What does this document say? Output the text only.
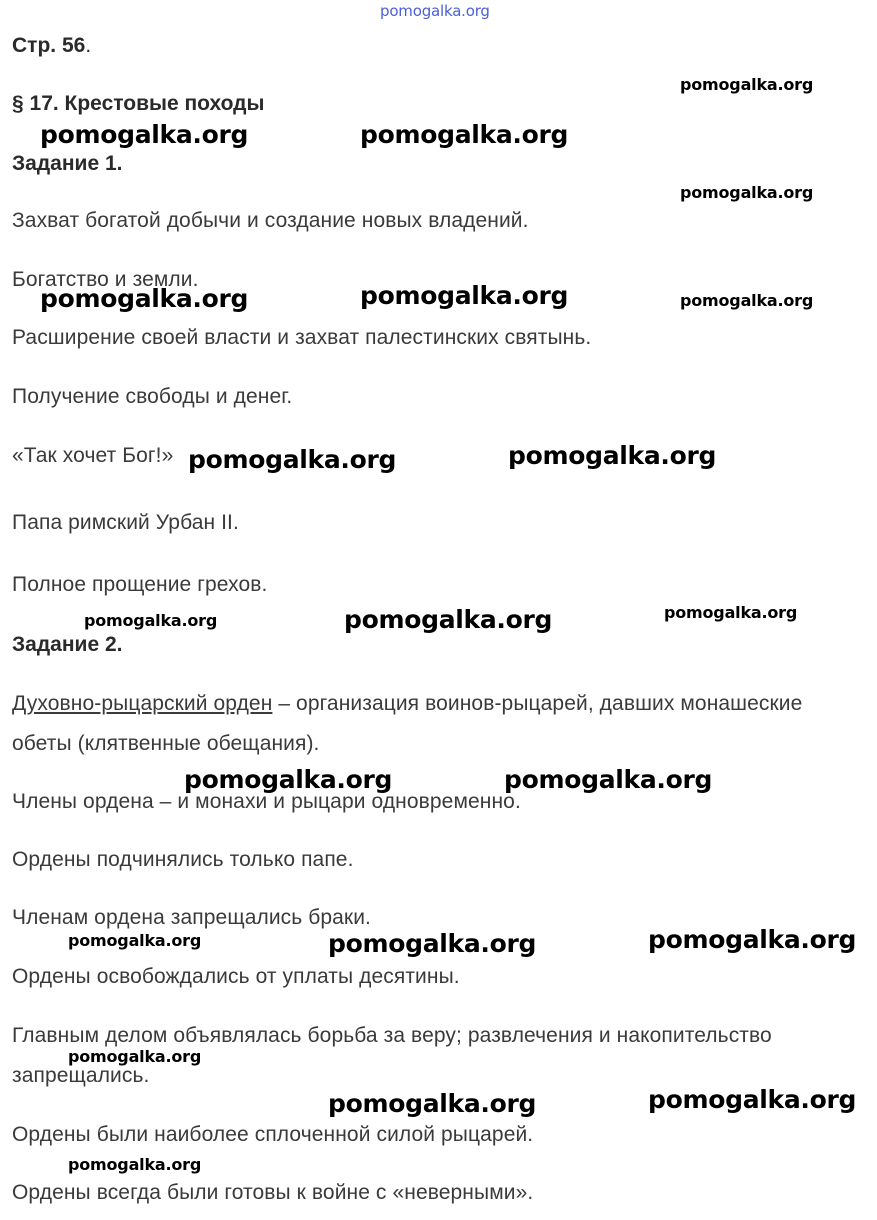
pomogalka.org
Стр. 56.
§ 17. Крестовые походы
Задание 1.
Захват богатой добычи и создание новых владений.
Богатство и земли.
Расширение своей власти и захват палестинских святынь.
Получение свободы и денег.
«Так хочет Бог!»
Папа римский Урбан II.
Полное прощение грехов.
Задание 2.
Духовно-рыцарский орден – организация воинов-рыцарей, давших монашеские
обеты (клятвенные обещания).
Члены ордена – и монахи и рыцари одновременно.
Ордены подчинялись только папе.
Членам ордена запрещались браки.
Ордены освобождались от уплаты десятины.
Главным делом объявлялась борьба за веру; развлечения и накопительство
запрещались.
Ордены были наиболее сплоченной силой рыцарей.
Ордены всегда были готовы к войне с «неверными».
pomogalka.org
pomogalka.org	pomogalka.org
pomogalka.org
pomogalka.org	pomogalka.org	pomogalka.org
pomogalka.org	pomogalka.org
pomogalka.org	pomogalka.org	pomogalka.org
pomogalka.org	pomogalka.org
pomogalka.org	pomogalka.org	pomogalka.org
pomogalka.org
pomogalka.org	pomogalka.org
pomogalka.org
